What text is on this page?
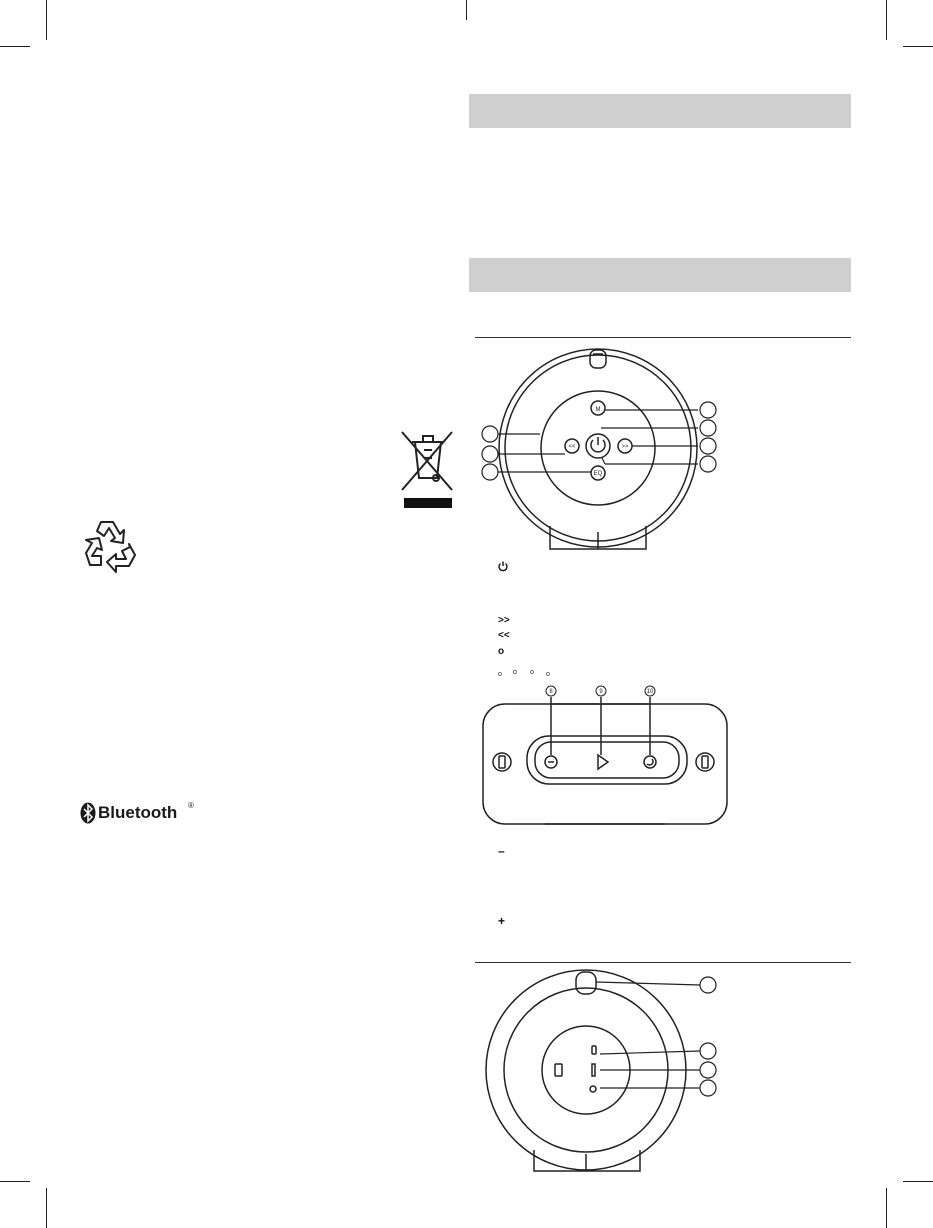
Bluetooth ®
M
<<	>>
EQ
>>
<<
o
o o o o
8	9	10
–
+
